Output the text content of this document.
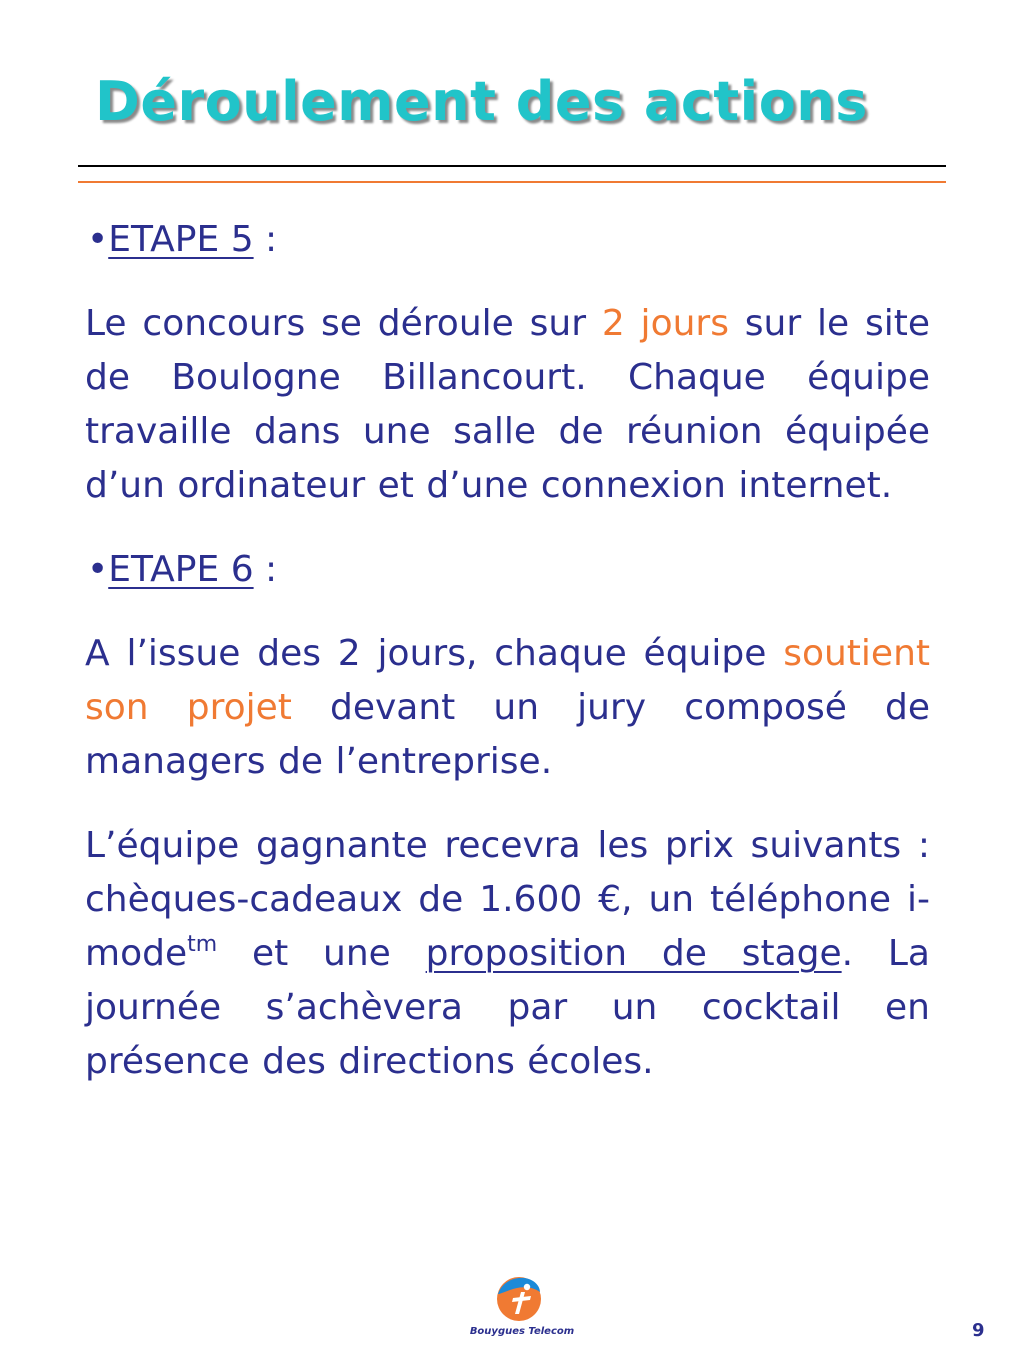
Déroulement des actions

•ETAPE 5 :

Le concours se déroule sur 2 jours sur le site de Boulogne Billancourt. Chaque équipe travaille dans une salle de réunion équipée d’un ordinateur et d’une connexion internet.

•ETAPE 6 :

A l’issue des 2 jours, chaque équipe soutient son projet devant un jury composé de managers de l’entreprise.

L’équipe gagnante recevra les prix suivants : chèques-cadeaux de 1.600 €, un téléphone i-mode$^{tm}$ et une proposition de stage. La journée s’achèvera par un cocktail en présence des directions écoles.

Bouygues Telecom	9
